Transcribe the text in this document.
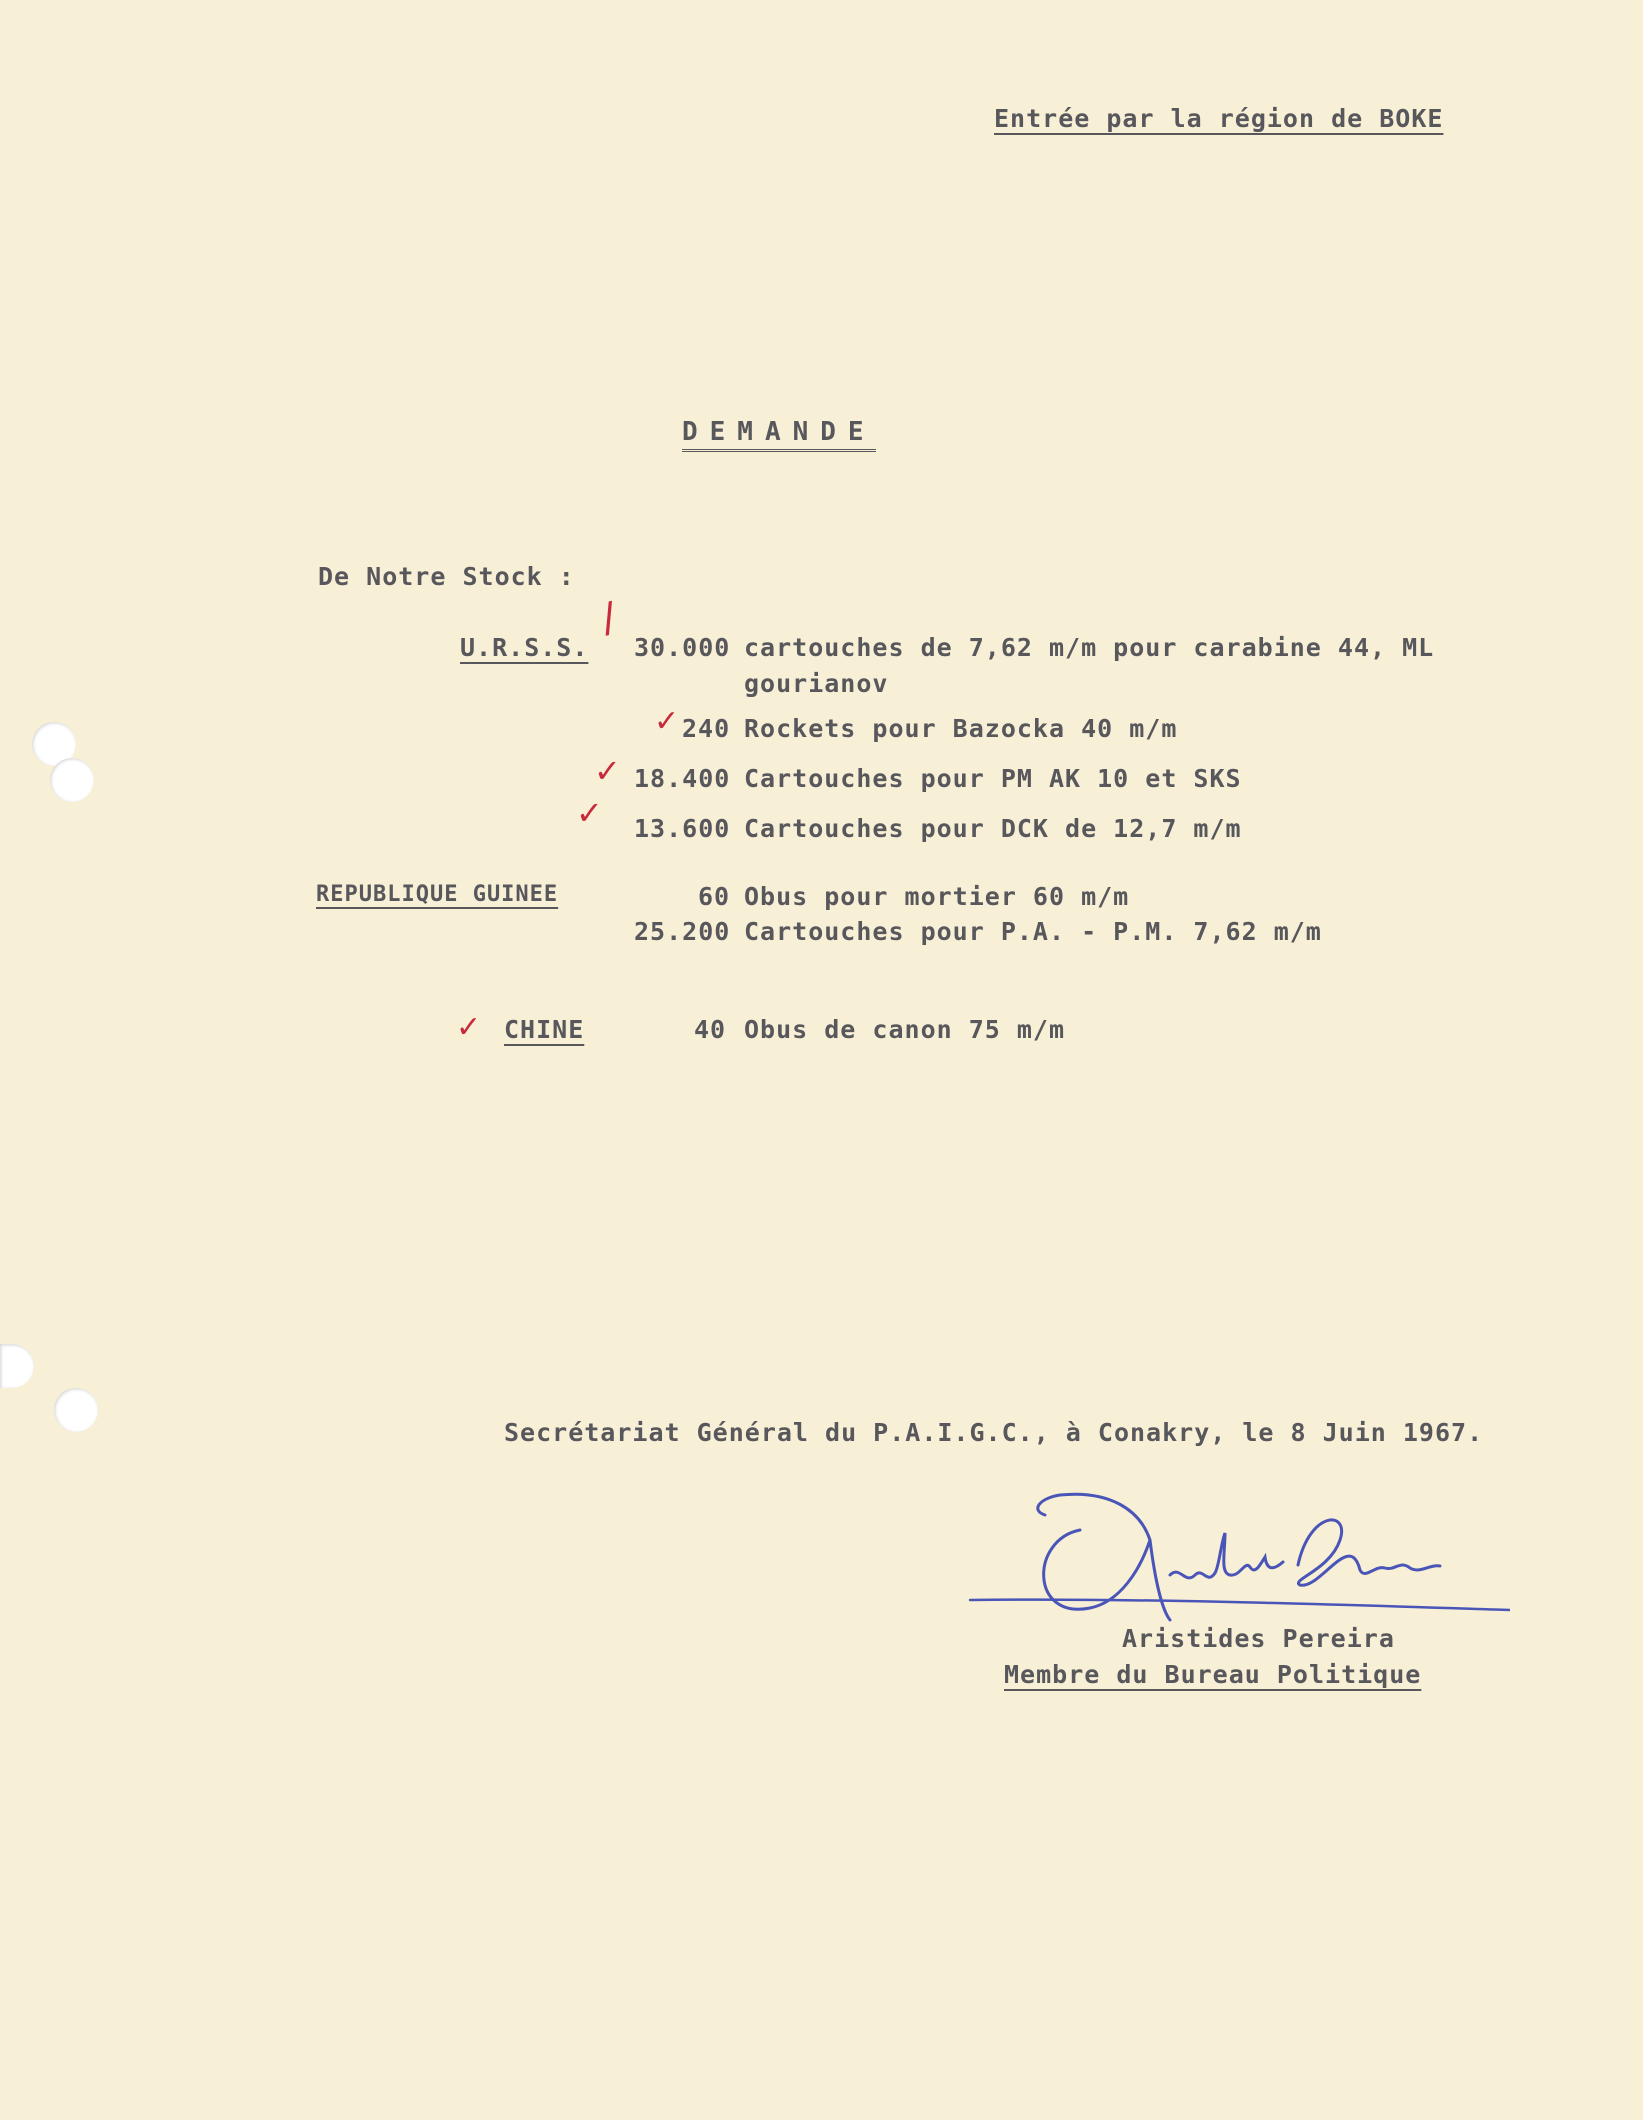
Entrée par la région de BOKE
DEMANDE
De Notre Stock :
U.R.S.S.
/
30.000 cartouches de 7,62 m/m pour carabine 44, ML
gourianov
✓ 240 Rockets pour Bazocka 40 m/m
✓ 18.400 Cartouches pour PM AK 10 et SKS
✓ 13.600 Cartouches pour DCK de 12,7 m/m
REPUBLIQUE GUINEE	60 Obus pour mortier 60 m/m
25.200 Cartouches pour P.A. - P.M. 7,62 m/m
✓ CHINE	40 Obus de canon 75 m/m
Secrétariat Général du P.A.I.G.C., à Conakry, le 8 Juin 1967.
Aristides Pereira
Membre du Bureau Politique
